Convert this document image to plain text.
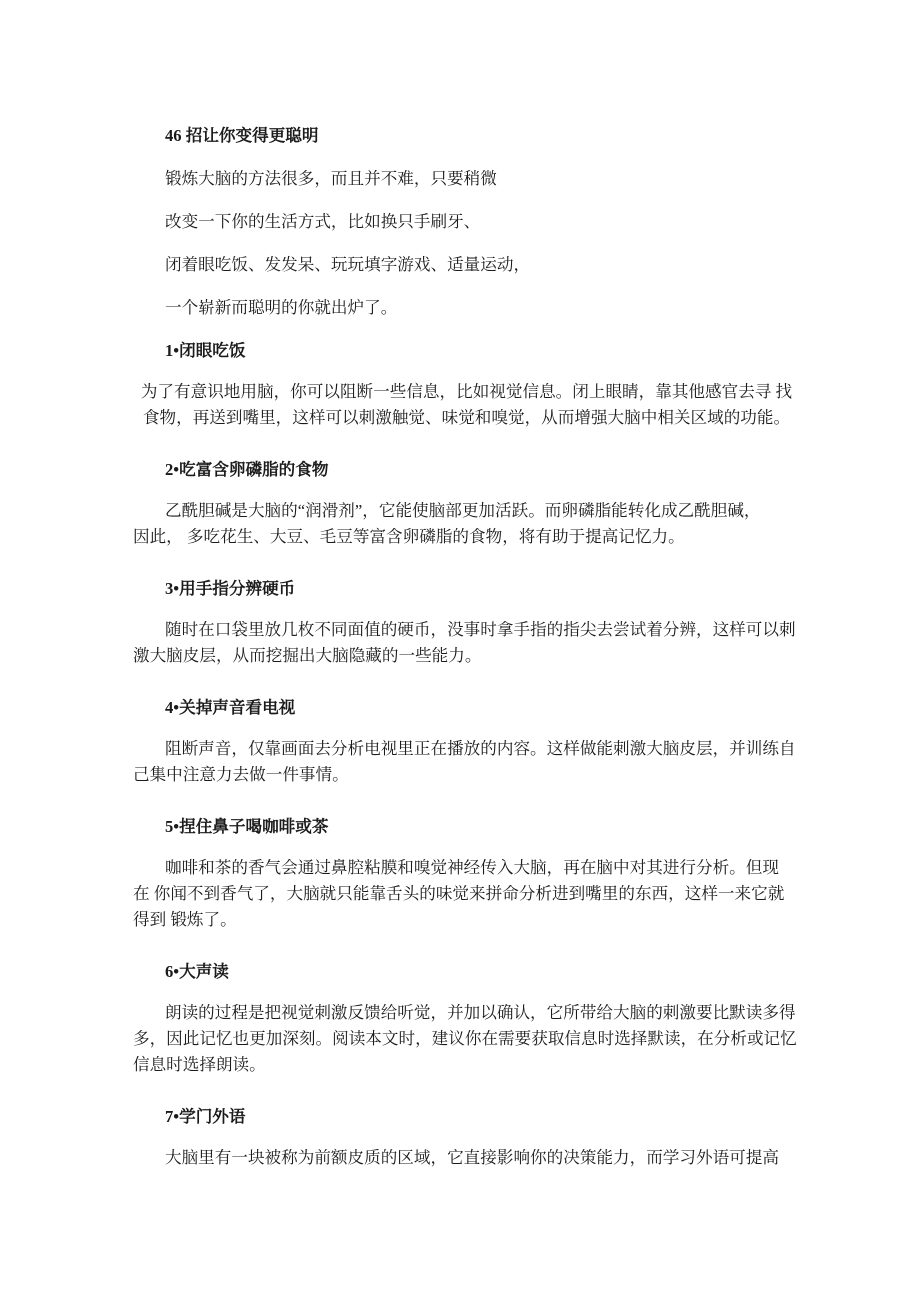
46 招让你变得更聪明
锻炼大脑的方法很多，而且并不难，只要稍微
改变一下你的生活方式，比如换只手刷牙、
闭着眼吃饭、发发呆、玩玩填字游戏、适量运动，
一个崭新而聪明的你就出炉了。
1•闭眼吃饭
为了有意识地用脑，你可以阻断一些信息，比如视觉信息。闭上眼睛，靠其他感官去寻 找
食物，再送到嘴里，这样可以刺激触觉、味觉和嗅觉，从而增强大脑中相关区域的功能。
2•吃富含卵磷脂的食物
乙酰胆碱是大脑的“润滑剂”，它能使脑部更加活跃。而卵磷脂能转化成乙酰胆碱，
因此， 多吃花生、大豆、毛豆等富含卵磷脂的食物，将有助于提高记忆力。
3•用手指分辨硬币
随时在口袋里放几枚不同面值的硬币，没事时拿手指的指尖去尝试着分辨，这样可以刺
激大脑皮层，从而挖掘出大脑隐藏的一些能力。
4•关掉声音看电视
阻断声音，仅靠画面去分析电视里正在播放的内容。这样做能刺激大脑皮层，并训练自
己集中注意力去做一件事情。
5•捏住鼻子喝咖啡或茶
咖啡和茶的香气会通过鼻腔粘膜和嗅觉神经传入大脑，再在脑中对其进行分析。但现
在 你闻不到香气了，大脑就只能靠舌头的味觉来拼命分析进到嘴里的东西，这样一来它就
得到 锻炼了。
6•大声读
朗读的过程是把视觉刺激反馈给听觉，并加以确认，它所带给大脑的刺激要比默读多得
多，因此记忆也更加深刻。阅读本文时，建议你在需要获取信息时选择默读，在分析或记忆
信息时选择朗读。
7•学门外语
大脑里有一块被称为前额皮质的区域，它直接影响你的决策能力，而学习外语可提高
